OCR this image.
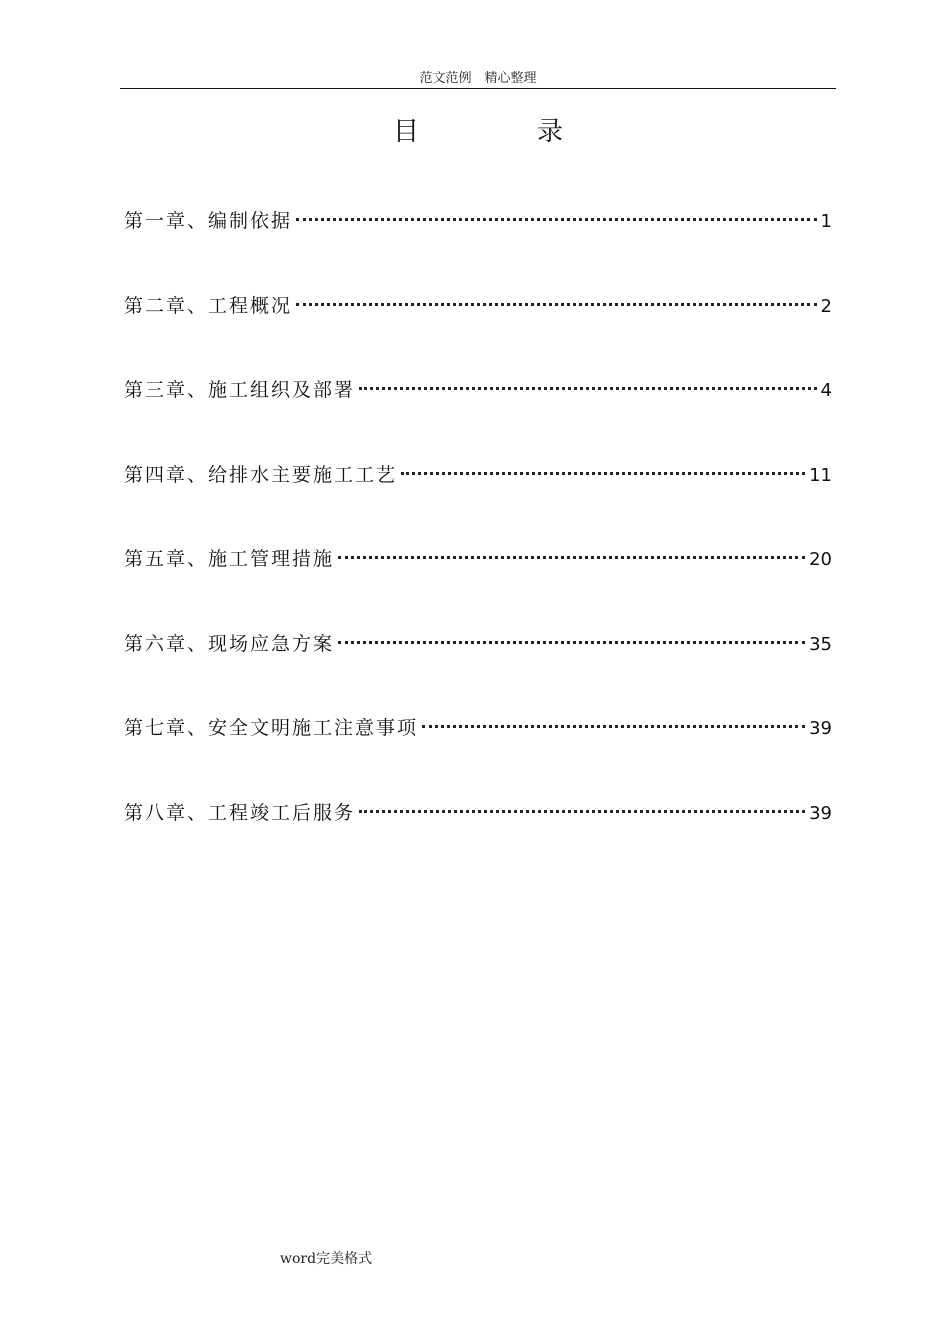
范文范例　精心整理
目　录
第一章、编制依据	1
第二章、工程概况	2
第三章、施工组织及部署	4
第四章、给排水主要施工工艺	11
第五章、施工管理措施	20
第六章、现场应急方案	35
第七章、安全文明施工注意事项	39
第八章、工程竣工后服务	39
word完美格式
